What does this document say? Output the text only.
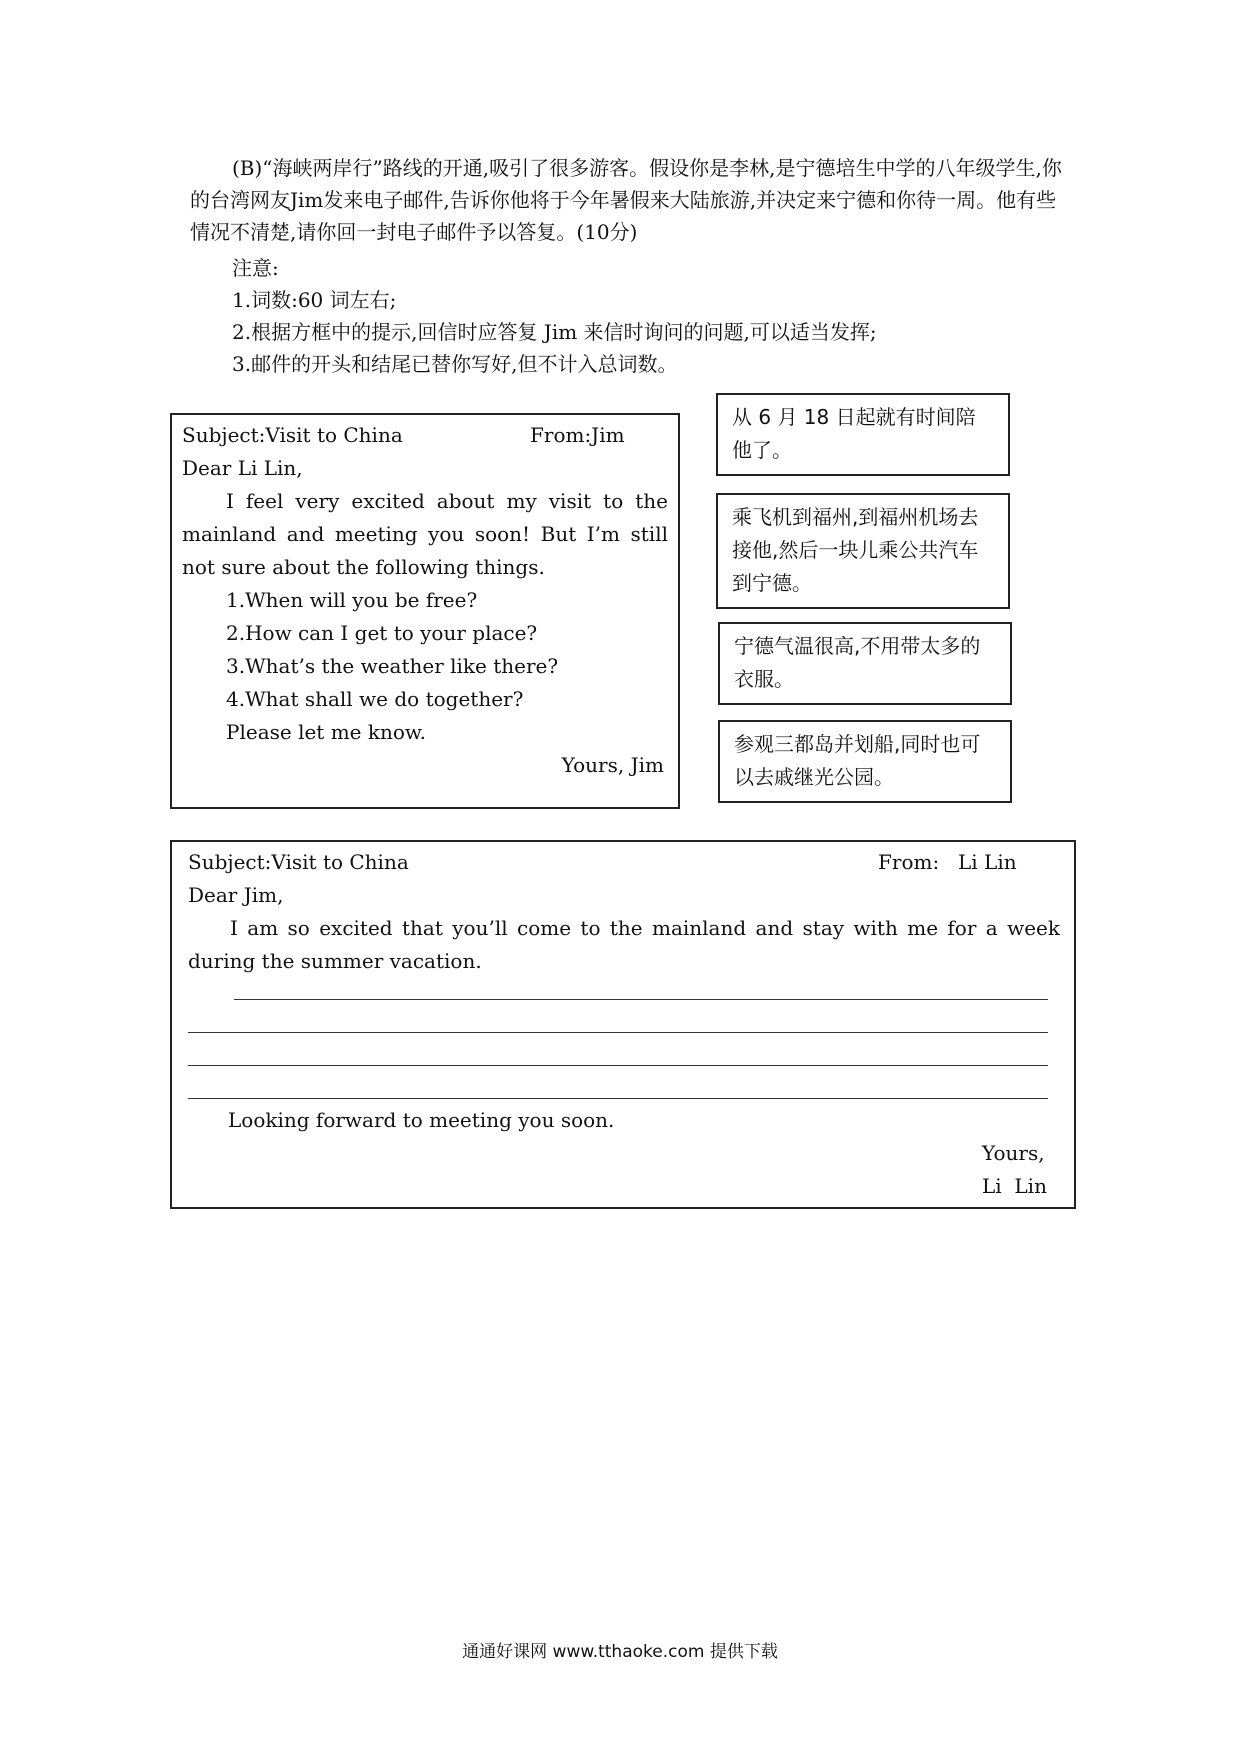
(B)“海峡两岸行”路线的开通,吸引了很多游客。假设你是李林,是宁德培生中学的八年级学生,你的台湾网友Jim发来电子邮件,告诉你他将于今年暑假来大陆旅游,并决定来宁德和你待一周。他有些情况不清楚,请你回一封电子邮件予以答复。(10分)

注意:
1.词数:60 词左右;
2.根据方框中的提示,回信时应答复 Jim 来信时询问的问题,可以适当发挥;
3.邮件的开头和结尾已替你写好,但不计入总词数。
Subject:Visit to China	From:Jim
Dear Li Lin,
I feel very excited about my visit to the mainland and meeting you soon! But I’m still not sure about the following things.
1.When will you be free?
2.How can I get to your place?
3.What’s the weather like there?
4.What shall we do together?
Please let me know.
Yours, Jim
从 6 月 18 日起就有时间陪他了。
乘飞机到福州,到福州机场去接他,然后一块儿乘公共汽车到宁德。
宁德气温很高,不用带太多的衣服。
参观三都岛并划船,同时也可以去戚继光公园。
Subject:Visit to China	From: Li Lin
Dear Jim,
I am so excited that you’ll come to the mainland and stay with me for a week during the summer vacation.
Looking forward to meeting you soon.
Yours,
Li  Lin
通通好课网 www.tthaoke.com 提供下载
